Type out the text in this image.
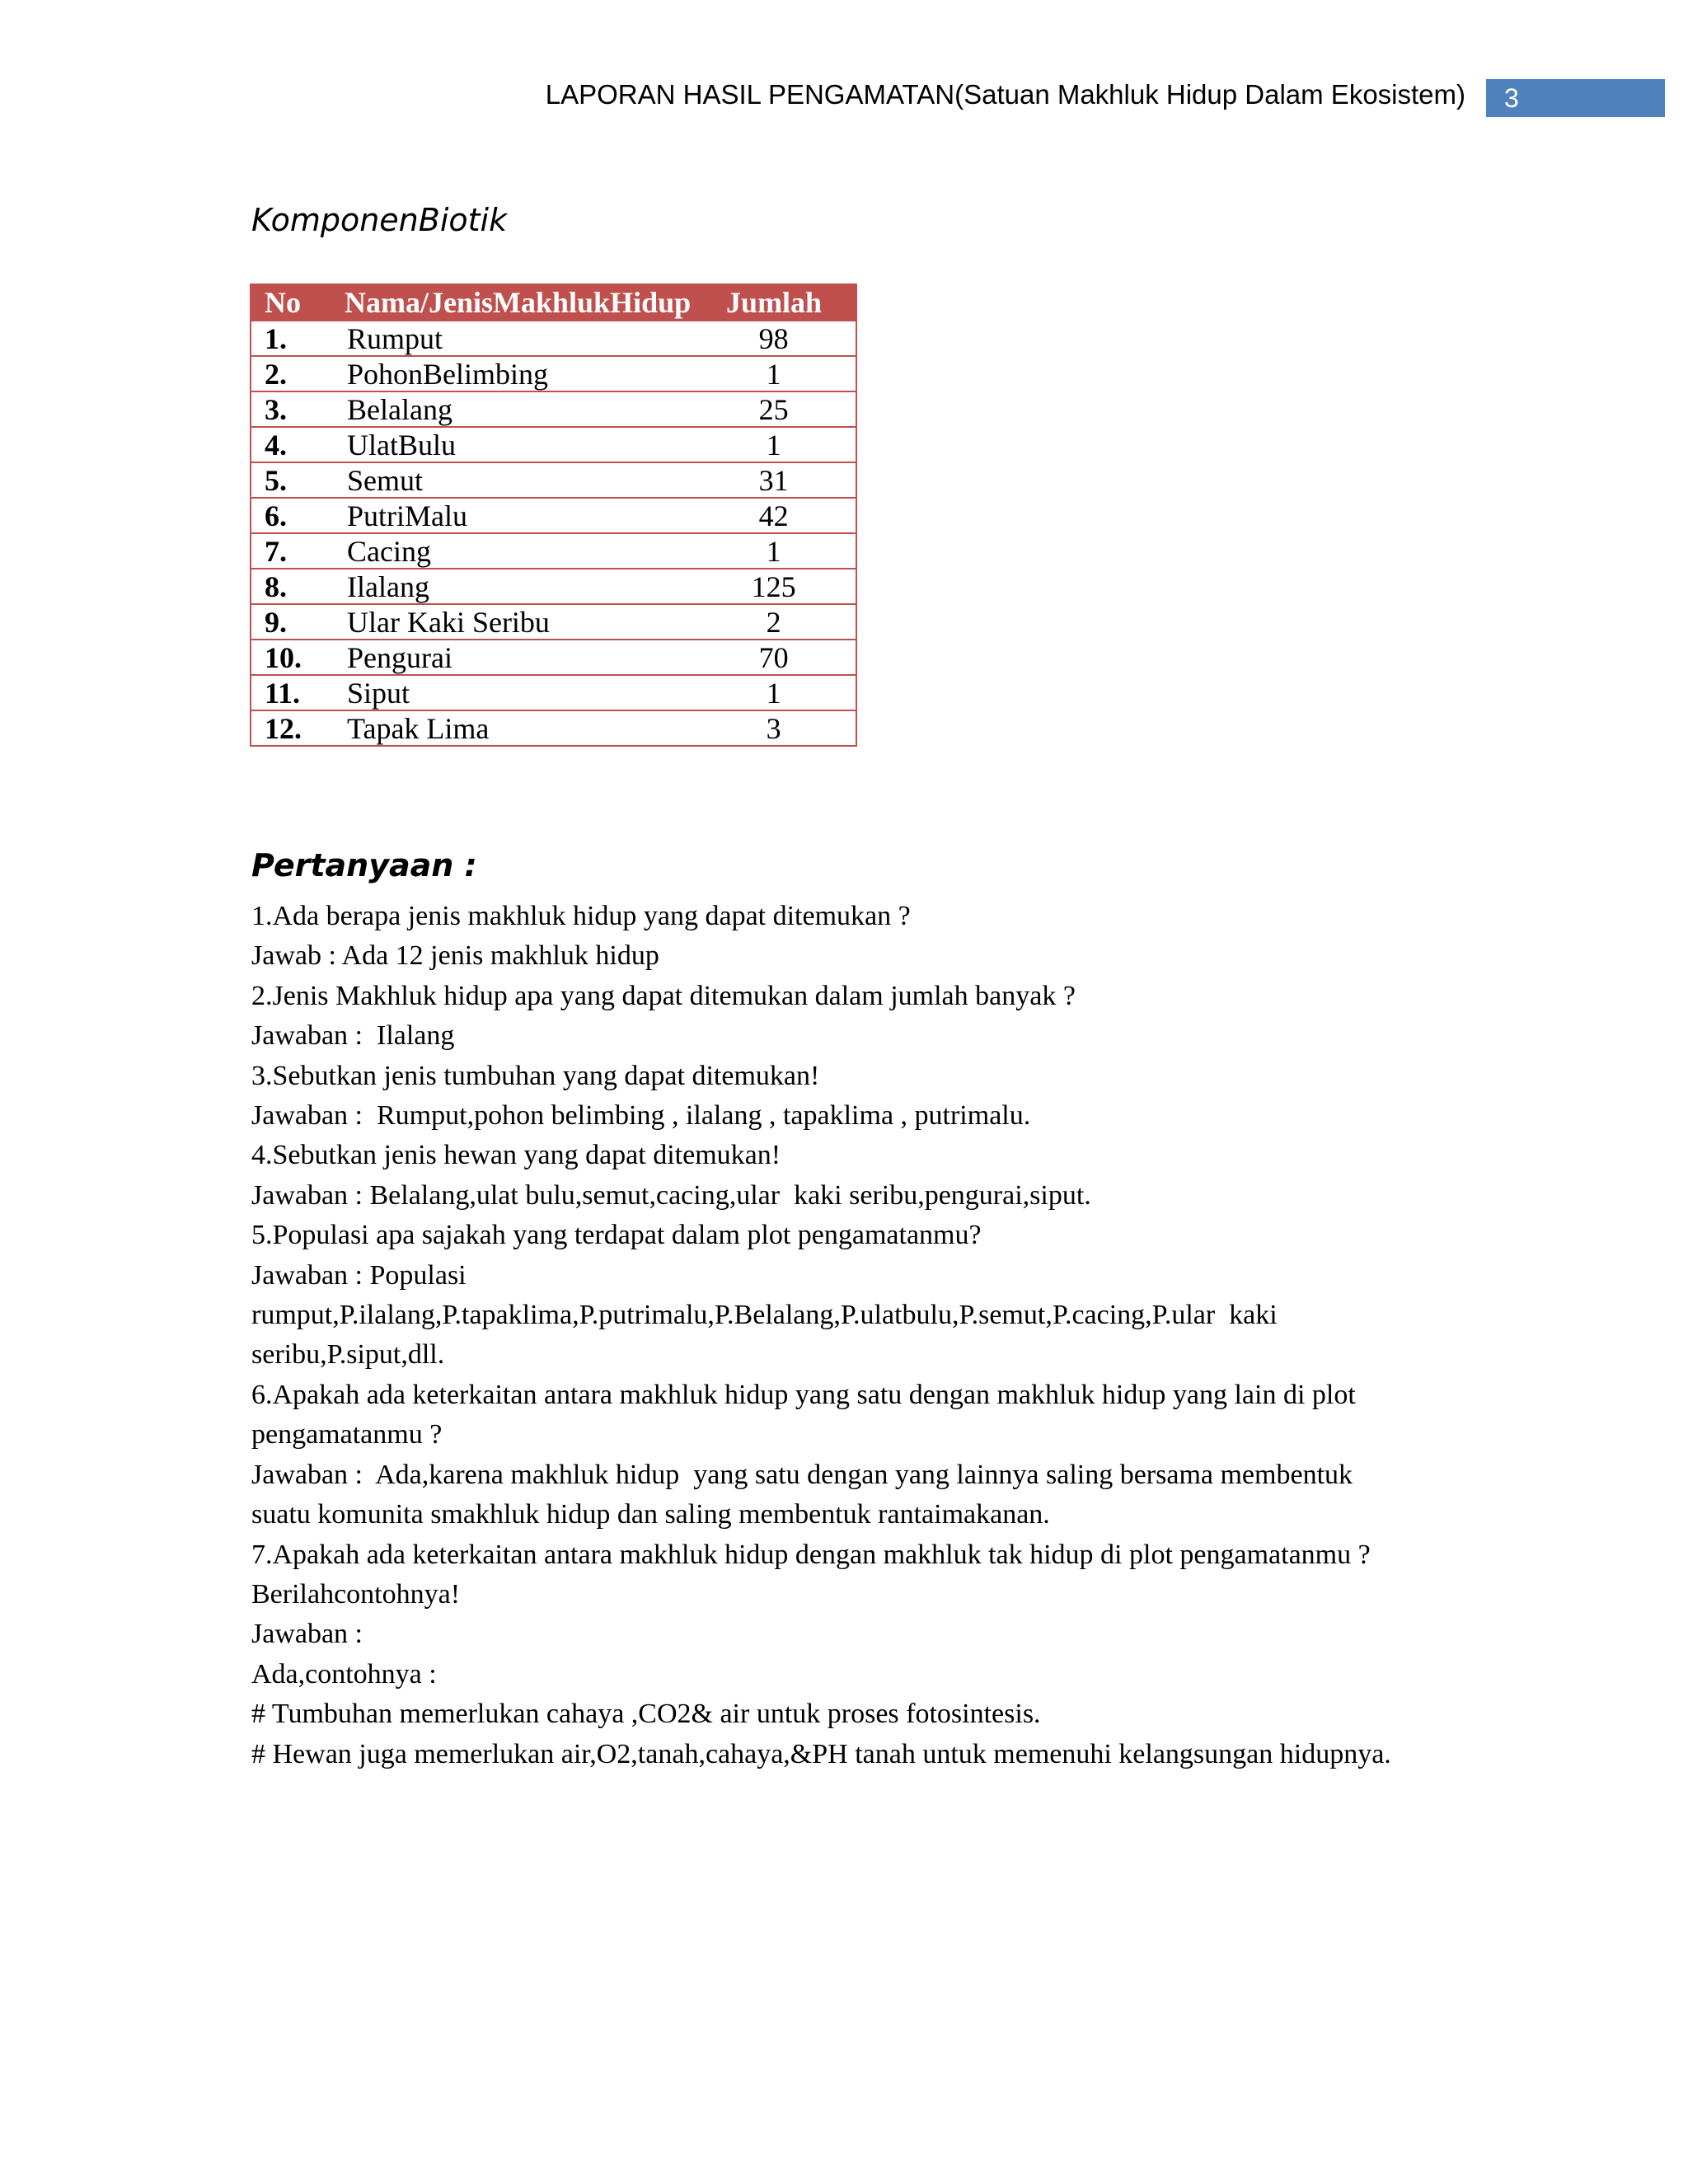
LAPORAN HASIL PENGAMATAN(Satuan Makhluk Hidup Dalam Ekosistem)	3
KomponenBiotik
No	Nama/JenisMakhlukHidup	Jumlah
1.	Rumput	98
2.	PohonBelimbing	1
3.	Belalang	25
4.	UlatBulu	1
5.	Semut	31
6.	PutriMalu	42
7.	Cacing	1
8.	Ilalang	125
9.	Ular Kaki Seribu	2
10.	Pengurai	70
11.	Siput	1
12.	Tapak Lima	3
Pertanyaan :
1.Ada berapa jenis makhluk hidup yang dapat ditemukan ?
Jawab : Ada 12 jenis makhluk hidup
2.Jenis Makhluk hidup apa yang dapat ditemukan dalam jumlah banyak ?
Jawaban :  Ilalang
3.Sebutkan jenis tumbuhan yang dapat ditemukan!
Jawaban :  Rumput,pohon belimbing , ilalang , tapaklima , putrimalu.
4.Sebutkan jenis hewan yang dapat ditemukan!
Jawaban : Belalang,ulat bulu,semut,cacing,ular  kaki seribu,pengurai,siput.
5.Populasi apa sajakah yang terdapat dalam plot pengamatanmu?
Jawaban : Populasi
rumput,P.ilalang,P.tapaklima,P.putrimalu,P.Belalang,P.ulatbulu,P.semut,P.cacing,P.ular  kaki
seribu,P.siput,dll.
6.Apakah ada keterkaitan antara makhluk hidup yang satu dengan makhluk hidup yang lain di plot
pengamatanmu ?
Jawaban :  Ada,karena makhluk hidup  yang satu dengan yang lainnya saling bersama membentuk
suatu komunita smakhluk hidup dan saling membentuk rantaimakanan.
7.Apakah ada keterkaitan antara makhluk hidup dengan makhluk tak hidup di plot pengamatanmu ?
Berilahcontohnya!
Jawaban :
Ada,contohnya :
# Tumbuhan memerlukan cahaya ,CO2& air untuk proses fotosintesis.
# Hewan juga memerlukan air,O2,tanah,cahaya,&PH tanah untuk memenuhi kelangsungan hidupnya.
